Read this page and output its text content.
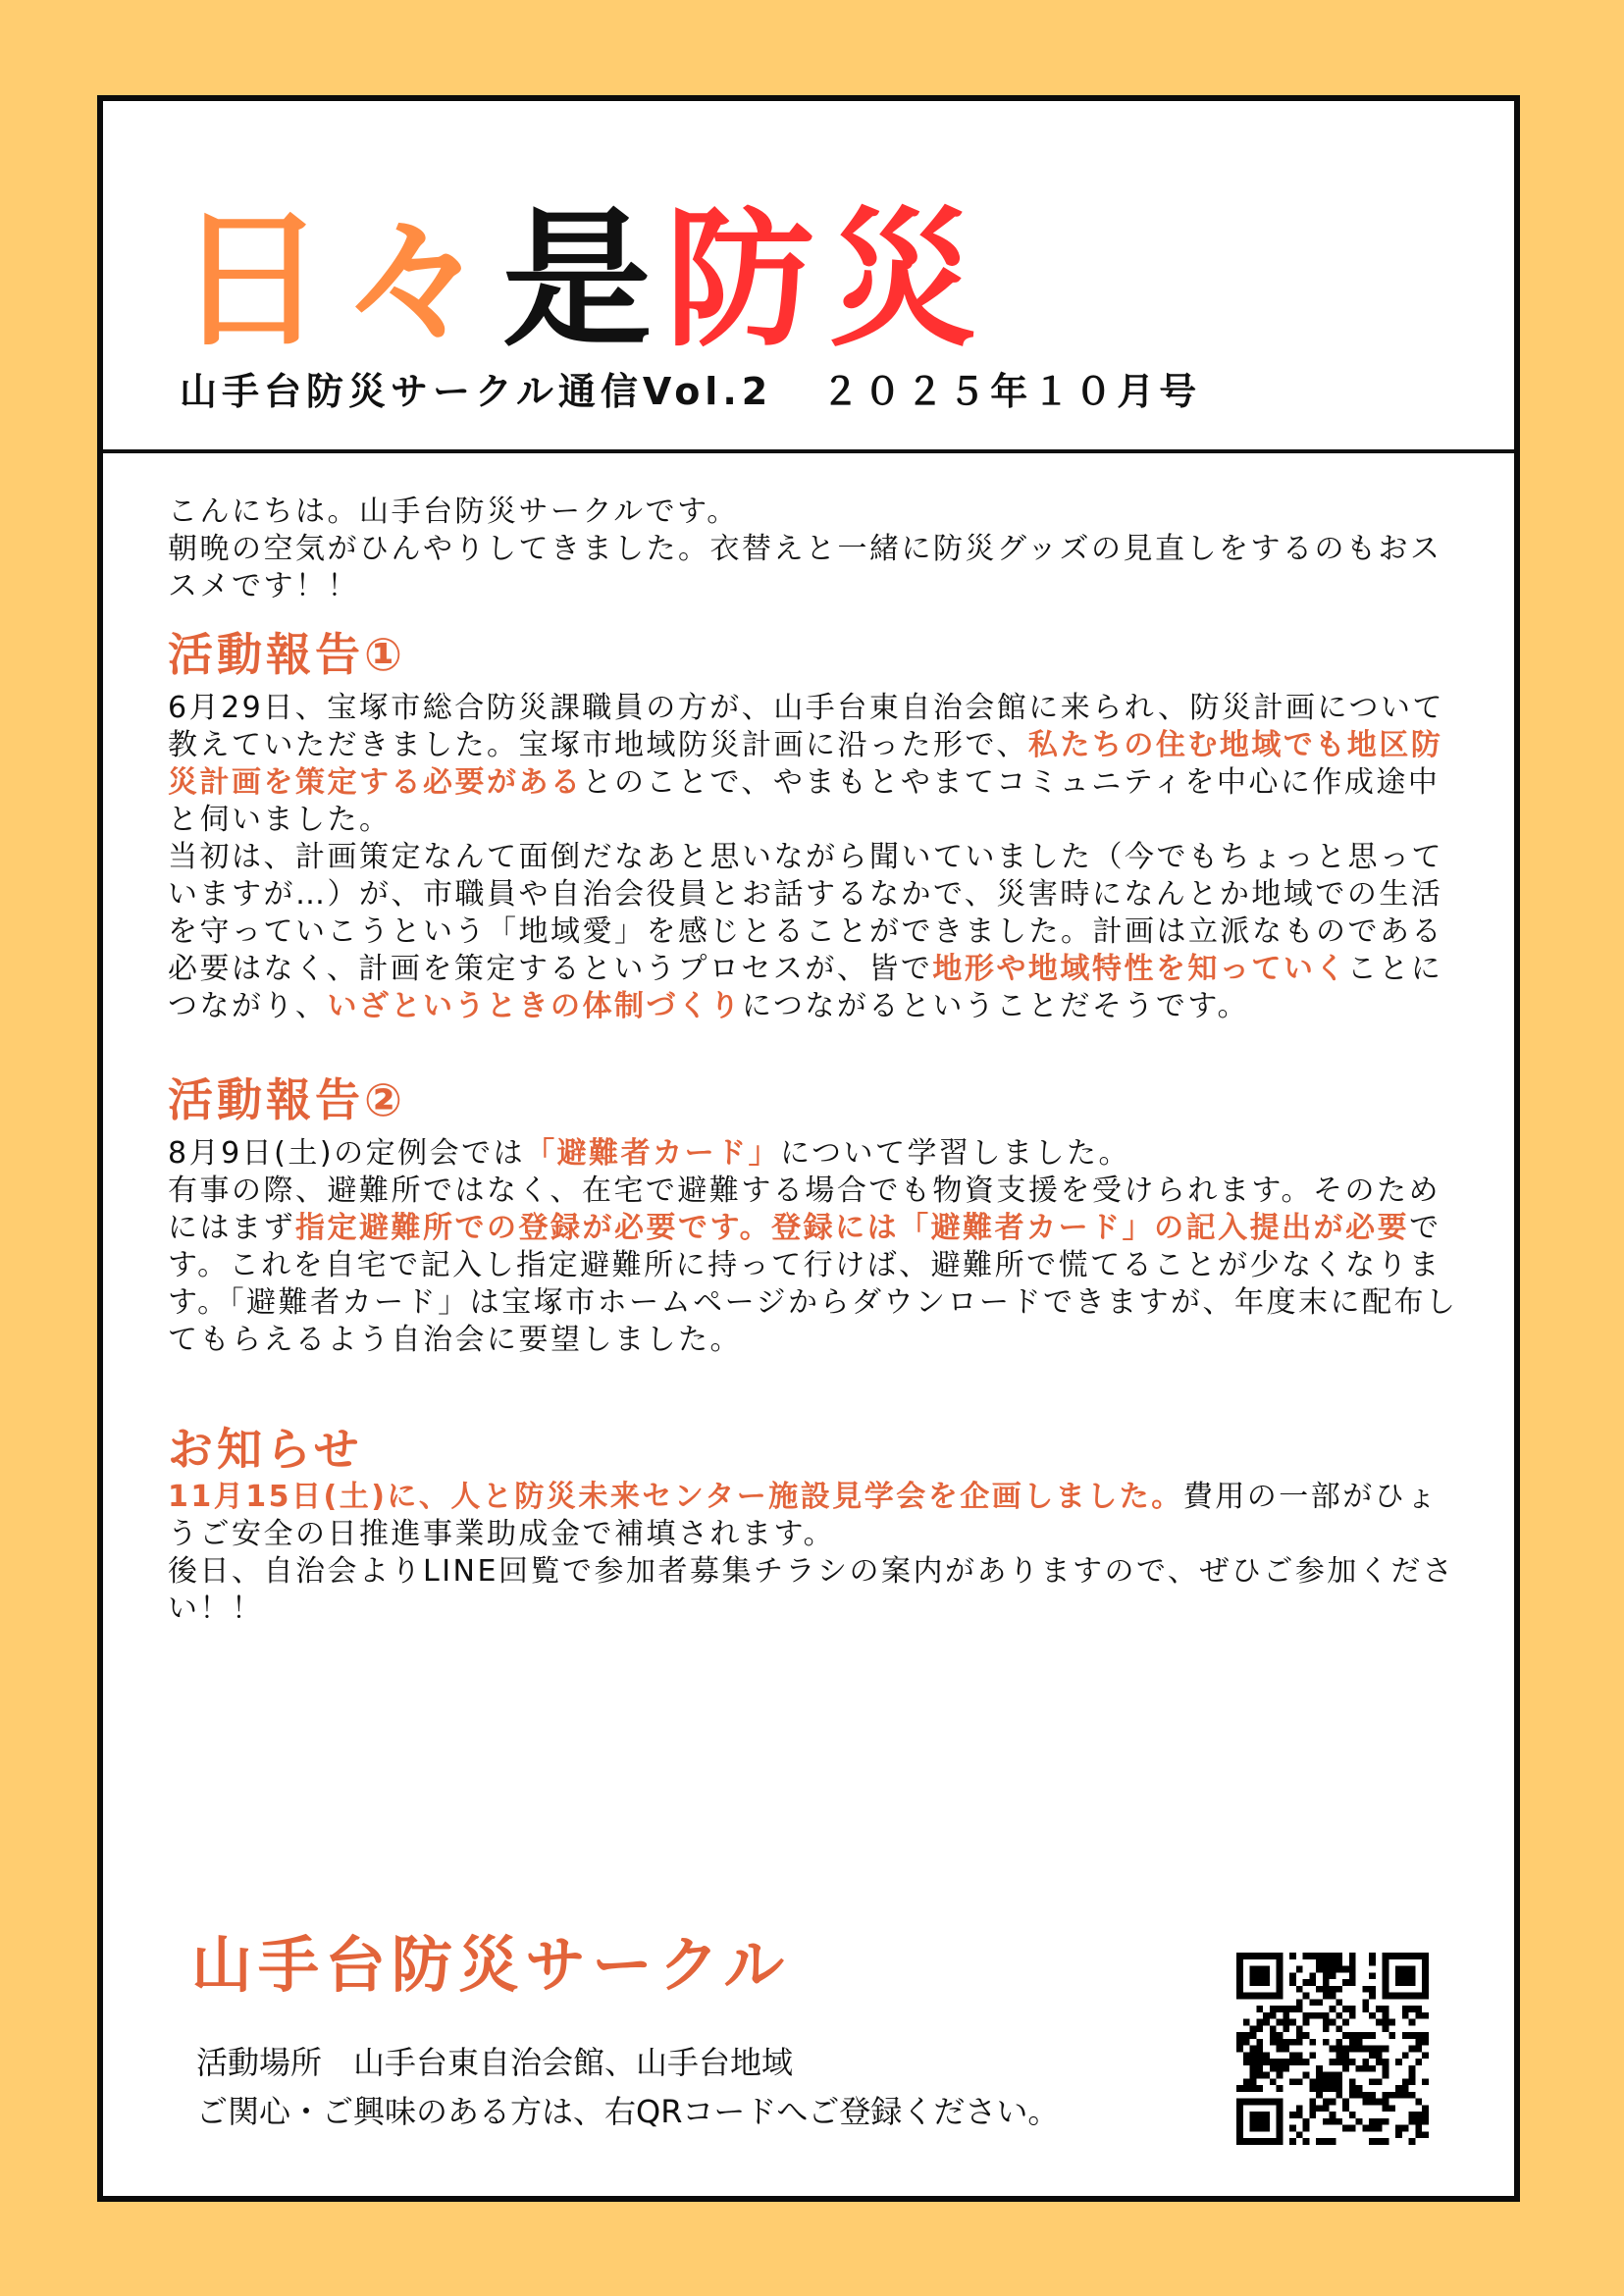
日々是防災
山手台防災サークル通信Vol.2 ２０２５年１０月号

こんにちは。山手台防災サークルです。

朝晩の空気がひんやりしてきました。衣替えと一緒に防災グッズの見直しをするのもおススメです！！

活動報告①

6月29日、宝塚市総合防災課職員の方が、山手台東自治会館に来られ、防災計画について教えていただきました。宝塚市地域防災計画に沿った形で、私たちの住む地域でも地区防災計画を策定する必要があるとのことで、やまもとやまてコミュニティを中心に作成途中と伺いました。

当初は、計画策定なんて面倒だなあと思いながら聞いていました（今でもちょっと思っていますが…）が、市職員や自治会役員とお話するなかで、災害時になんとか地域での生活を守っていこうという「地域愛」を感じとることができました。計画は立派なものである必要はなく、計画を策定するというプロセスが、皆で地形や地域特性を知っていくことにつながり、いざというときの体制づくりにつながるということだそうです。

活動報告②

8月9日(土)の定例会では「避難者カード」について学習しました。

有事の際、避難所ではなく、在宅で避難する場合でも物資支援を受けられます。そのためにはまず指定避難所での登録が必要です。登録には「避難者カード」の記入提出が必要です。これを自宅で記入し指定避難所に持って行けば、避難所で慌てることが少なくなります。「避難者カード」は宝塚市ホームページからダウンロードできますが、年度末に配布してもらえるよう自治会に要望しました。

お知らせ

11月15日(土)に、人と防災未来センター施設見学会を企画しました。費用の一部がひょうご安全の日推進事業助成金で補填されます。

後日、自治会よりLINE回覧で参加者募集チラシの案内がありますので、ぜひご参加ください！！

山手台防災サークル
活動場所　山手台東自治会館、山手台地域
ご関心・ご興味のある方は、右QRコードへご登録ください。
